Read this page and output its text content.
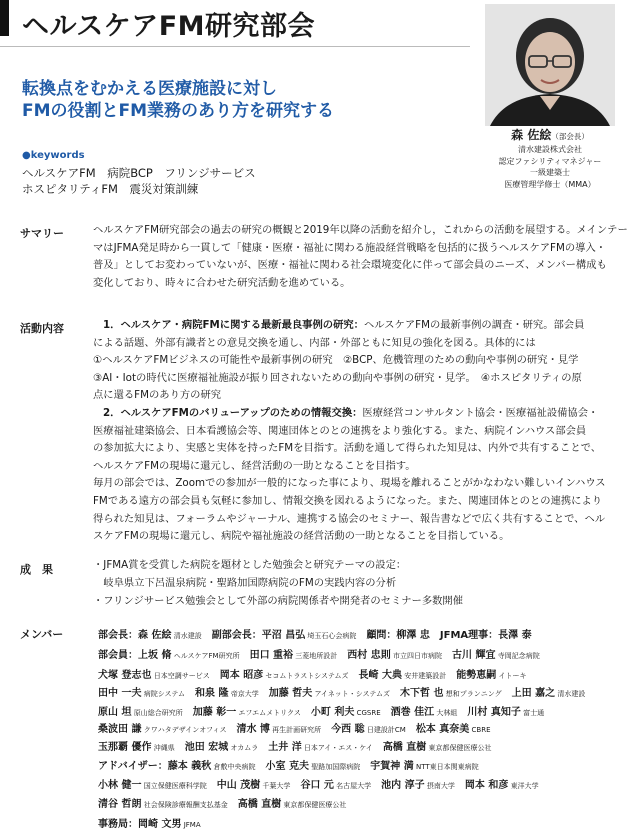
ヘルスケアFM研究部会
森 佐絵（部会長）
清水建設株式会社
認定ファシリティマネジャー
一級建築士
医療管理学修士（MMA）
転換点をむかえる医療施設に対し
FMの役割とFM業務のあり方を研究する
●keywords
ヘルスケアFM　病院BCP　フリンジサービス
ホスピタリティFM　震災対策訓練
サマリー	ヘルスケアFM研究部会の過去の研究の概観と2019年以降の活動を紹介し，これからの活動を展望する。メインテー
マはJFMA発足時から一貫して「健康・医療・福祉に関わる施設経営戦略を包括的に扱うヘルスケアFMの導入・
普及」としてお変わっていないが、医療・福祉に関わる社会環境変化に伴って部会員のニーズ、メンバー構成も
変化しており、時々に合わせた研究活動を進めている。
活動内容	1．ヘルスケア・病院FMに関する最新最良事例の研究：ヘルスケアFMの最新事例の調査・研究。部会員
による話題、外部有識者との意見交換を通し、内部・外部ともに知見の強化を図る。具体的には
①ヘルスケアFMビジネスの可能性や最新事例の研究　②BCP、危機管理のための動向や事例の研究・見学
③AI・Iotの時代に医療福祉施設が振り回されないための動向や事例の研究・見学。　④ホスピタリティの原
点に還るFMのあり方の研究
2．ヘルスケアFMのバリューアップのための情報交換：医療経営コンサルタント協会・医療福祉設備協会・
医療福祉建築協会、日本看護協会等、関連団体とのとの連携をより強化する。また、病院インハウス部会員
の参加拡大により、実感と実体を持ったFMを目指す。活動を通して得られた知見は、内外で共有することで、
ヘルスケアFMの現場に還元し、経営活動の一助となることを目指す。
毎月の部会では、Zoomでの参加が一般的になった事により、現場を離れることがかなわない難しいインハウス
FMである遠方の部会員も気軽に参加し、情報交換を図れるようになった。また、関連団体とのとの連携により
得られた知見は、フォーラムやジャーナル、連携する協会のセミナー、報告書などで広く共有することで、ヘル
スケアFMの現場に還元し、病院や福祉施設の経営活動の一助となることを目指している。
成　果	・JFMA賞を受賞した病院を題材とした勉強会と研究テーマの設定：
　岐阜県立下呂温泉病院・聖路加国際病院のFMの実践内容の分析
・フリンジサービス勉強会として外部の病院関係者や開発者のセミナー多数開催
メンバー	部会長：森 佐絵 清水建設　 副部会長：平沼 昌弘 埼玉石心会病院　 顧問：柳澤 忠　 JFMA理事：長澤 泰
部会員：上坂 脩 ヘルスケアFM研究所　 田口 重裕 三菱地所設計　 西村 忠則 市立四日市病院　 古川 輝宜 寺岡記念病院
犬塚 登志也 日本空調サービス　 岡本 昭彦 セコムトラストシステムズ　 長崎 大典 安井建築設計　 能勢恵嗣 イトーキ
田中 一夫 病院システム　 和泉 隆 帝京大学　 加藤 哲夫 アイネット・システムズ　 木下哲 也 想和プランニング　 上田 嘉之 清水建設
原山 坦 原山総合研究所　 加藤 彰一 エフエムメトリクス　 小町 利夫 CGSRE　 酒巻 佳江 大林組　 川村 真知子 富士通
桑波田 謙 クワハタデザインオフィス　 清水 博 再生計画研究所　 今西 聡 日建設計CM　 松本 真奈美 CBRE
玉那覇 優作 沖縄県　 池田 宏城 オカムラ　 土井 洋 日本アイ・エス・ケイ　 高橋 直樹 東京都保健医療公社
アドバイザー：藤本 義秋 倉敷中央病院　 小室 克夫 聖路加国際病院　 宇賀神 満 NTT東日本関東病院
小林 健一 国立保健医療科学院　 中山 茂樹 千葉大学　 谷口 元 名古屋大学　 池内 淳子 摂南大学　 岡本 和彦 東洋大学
清谷 哲朗 社会保険診療報酬支払基金　 高橋 直樹 東京都保健医療公社
事務局：岡崎 文男 JFMA
